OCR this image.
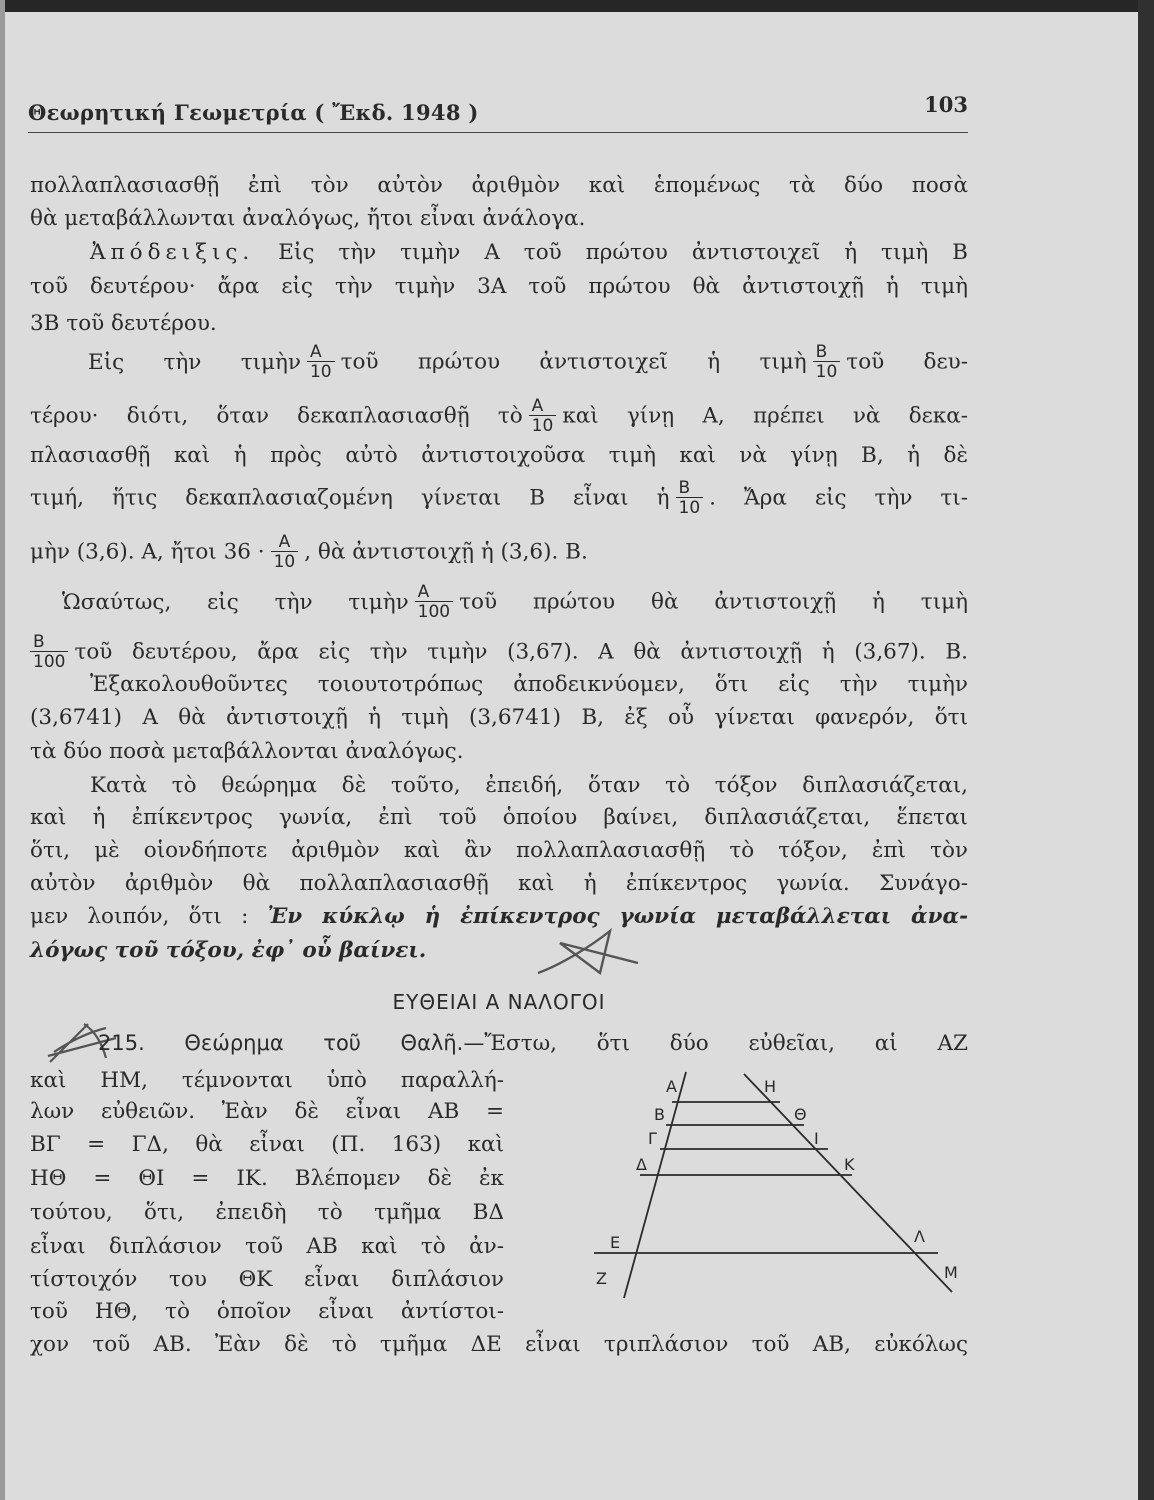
Θεωρητική Γεωμετρία ( Ἔκδ. 1948 )	103
πολλαπλασιασθῇ ἐπὶ τὸν αὐτὸν ἀριθμὸν καὶ ἑπομένως τὰ δύο ποσὰ
θὰ μεταβάλλωνται ἀναλόγως, ἤτοι εἶναι ἀνάλογα.
Ἀπόδειξις. Εἰς τὴν τιμὴν Α τοῦ πρώτου ἀντιστοιχεῖ ἡ τιμὴ Β
τοῦ δευτέρου· ἄρα εἰς τὴν τιμὴν 3Α τοῦ πρώτου θὰ ἀντιστοιχῇ ἡ τιμὴ
3Β τοῦ δευτέρου.
Εἰς τὴν τιμὴν $\frac{A}{10}$ τοῦ πρώτου ἀντιστοιχεῖ ἡ τιμὴ $\frac{B}{10}$ τοῦ δευ-
τέρου· διότι, ὅταν δεκαπλασιασθῇ τὸ $\frac{A}{10}$ καὶ γίνῃ Α, πρέπει νὰ δεκα-
πλασιασθῇ καὶ ἡ πρὸς αὐτὸ ἀντιστοιχοῦσα τιμὴ καὶ νὰ γίνῃ Β, ἡ δὲ
τιμή, ἥτις δεκαπλασιαζομένη γίνεται Β εἶναι ἡ $\frac{B}{10}$ . Ἄρα εἰς τὴν τι-
μὴν (3,6). Α, ἤτοι $36 \cdot \frac{A}{10}$ , θὰ ἀντιστοιχῇ ἡ (3,6). Β.
Ὡσαύτως, εἰς τὴν τιμὴν $\frac{A}{100}$ τοῦ πρώτου θὰ ἀντιστοιχῇ ἡ τιμὴ
$\frac{B}{100}$ τοῦ δευτέρου, ἄρα εἰς τὴν τιμὴν (3,67). Α θὰ ἀντιστοιχῇ ἡ (3,67). Β.
Ἐξακολουθοῦντες τοιουτοτρόπως ἀποδεικνύομεν, ὅτι εἰς τὴν τιμὴν
(3,6741) Α θὰ ἀντιστοιχῇ ἡ τιμὴ (3,6741) Β, ἐξ οὗ γίνεται φανερόν, ὅτι
τὰ δύο ποσὰ μεταβάλλονται ἀναλόγως.
Κατὰ τὸ θεώρημα δὲ τοῦτο, ἐπειδή, ὅταν τὸ τόξον διπλασιάζεται,
καὶ ἡ ἐπίκεντρος γωνία, ἐπὶ τοῦ ὁποίου βαίνει, διπλασιάζεται, ἕπεται
ὅτι, μὲ οἱονδήποτε ἀριθμὸν καὶ ἂν πολλαπλασιασθῇ τὸ τόξον, ἐπὶ τὸν
αὐτὸν ἀριθμὸν θὰ πολλαπλασιασθῇ καὶ ἡ ἐπίκεντρος γωνία. Συνάγο-
μεν λοιπόν, ὅτι : Ἐν κύκλῳ ἡ ἐπίκεντρος γωνία μεταβάλλεται ἀνα-
λόγως τοῦ τόξου, ἐφ᾽ οὗ βαίνει.
ΕΥΘΕΙΑΙ Α ΝΑΛΟΓΟΙ
215. Θεώρημα τοῦ Θαλῆ.—Ἔστω, ὅτι δύο εὐθεῖαι, αἱ ΑΖ
καὶ ΗΜ, τέμνονται ὑπὸ παραλλή-
λων εὐθειῶν. Ἐὰν δὲ εἶναι ΑΒ =
ΒΓ = ΓΔ, θὰ εἶναι (Π. 163) καὶ
ΗΘ = ΘΙ = ΙΚ. Βλέπομεν δὲ ἐκ
τούτου, ὅτι, ἐπειδὴ τὸ τμῆμα ΒΔ
εἶναι διπλάσιον τοῦ ΑΒ καὶ τὸ ἀν-
τίστοιχόν του ΘΚ εἶναι διπλάσιον
τοῦ ΗΘ, τὸ ὁποῖον εἶναι ἀντίστοι-
χον τοῦ ΑΒ. Ἐὰν δὲ τὸ τμῆμα ΔΕ εἶναι τριπλάσιον τοῦ ΑΒ, εὐκόλως
Α
Β
Γ
Δ
Ε
Ζ
Η
Θ
Ι
Κ
Λ
Μ
